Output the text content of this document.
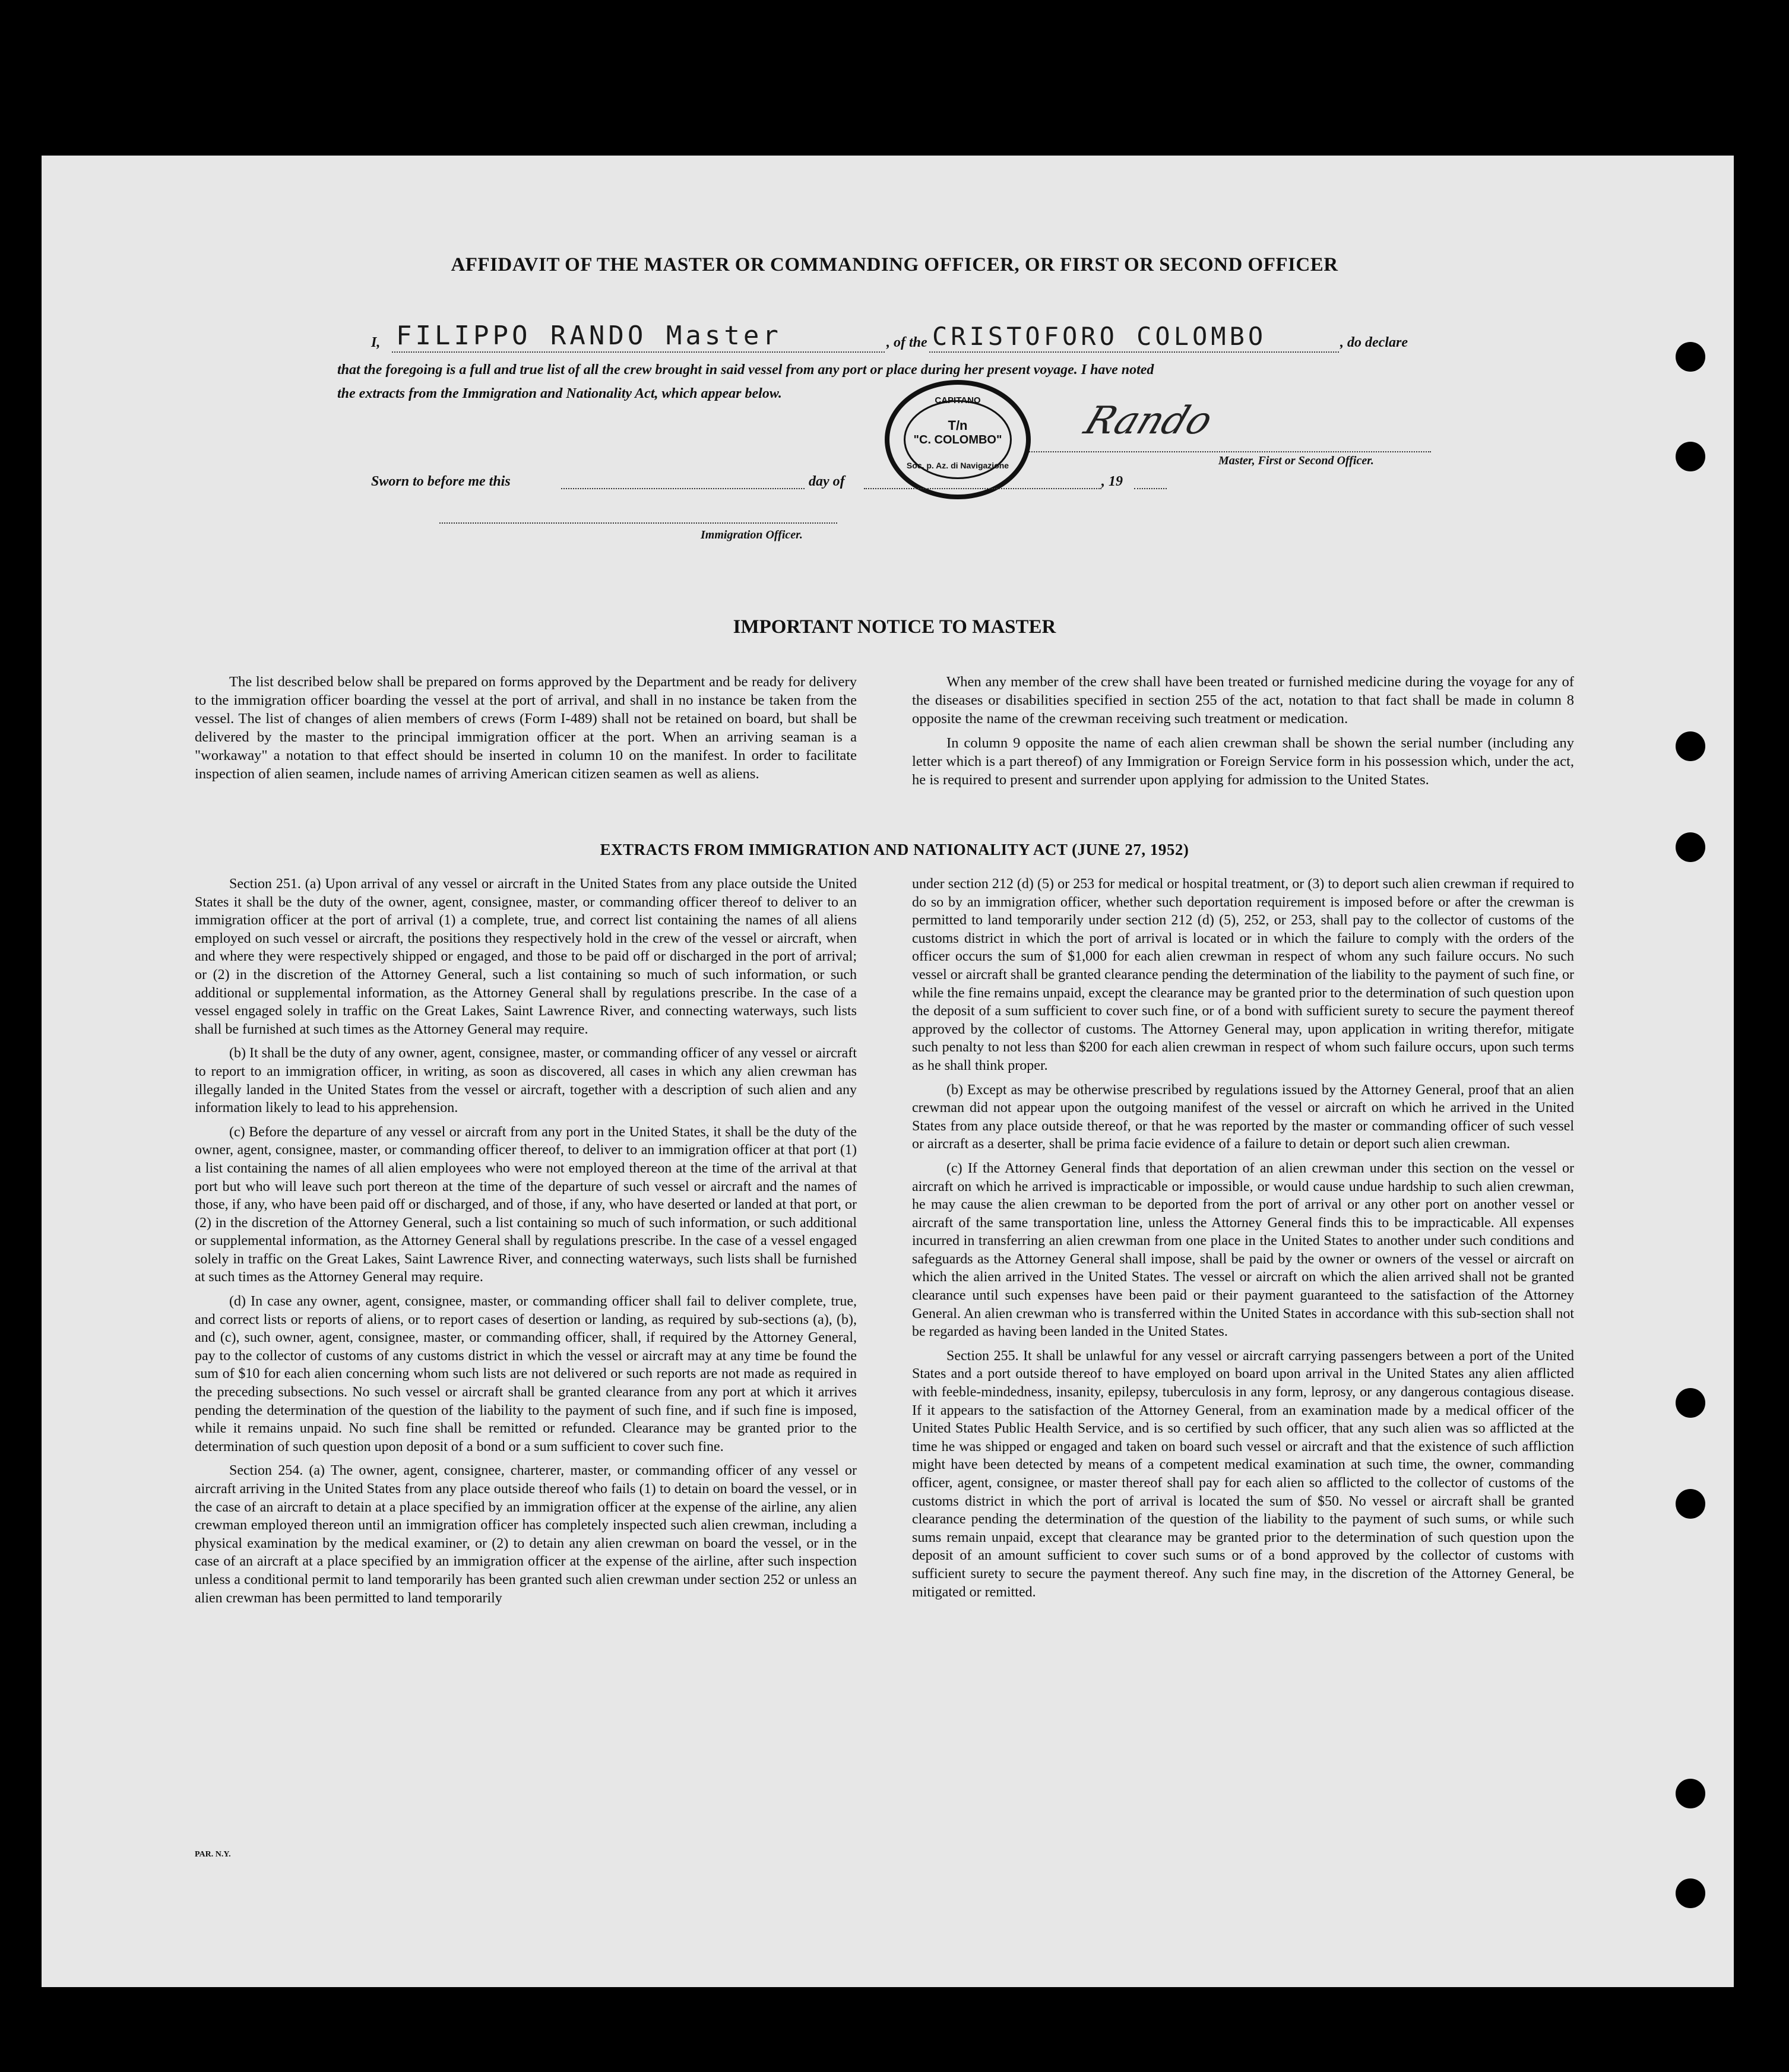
AFFIDAVIT OF THE MASTER OR COMMANDING OFFICER, OR FIRST OR SECOND OFFICER
I, FILIPPO RANDO Master	, of the CRISTOFORO COLOMBO	, do declare
that the foregoing is a full and true list of all the crew brought in said vessel from any port or place during her present voyage. I have noted
the extracts from the Immigration and Nationality Act, which appear below.
Rando
Master, First or Second Officer.
CAPITANO
T/n
"C. COLOMBO"
Soc. p. Az. di Navigazione
Sworn to before me this	day of	, 19
Immigration Officer.
IMPORTANT NOTICE TO MASTER

The list described below shall be prepared on forms approved by the Department and be ready for delivery to the immigration officer boarding the vessel at the port of arrival, and shall in no instance be taken from the vessel. The list of changes of alien members of crews (Form I-489) shall not be retained on board, but shall be delivered by the master to the principal immigration officer at the port. When an arriving seaman is a "workaway" a notation to that effect should be inserted in column 10 on the manifest. In order to facilitate inspection of alien seamen, include names of arriving American citizen seamen as well as aliens.

When any member of the crew shall have been treated or furnished medicine during the voyage for any of the diseases or disabilities specified in section 255 of the act, notation to that fact shall be made in column 8 opposite the name of the crewman receiving such treatment or medication.

In column 9 opposite the name of each alien crewman shall be shown the serial number (including any letter which is a part thereof) of any Immigration or Foreign Service form in his possession which, under the act, he is required to present and surrender upon applying for admission to the United States.

EXTRACTS FROM IMMIGRATION AND NATIONALITY ACT (JUNE 27, 1952)

Section 251. (a) Upon arrival of any vessel or aircraft in the United States from any place outside the United States it shall be the duty of the owner, agent, consignee, master, or commanding officer thereof to deliver to an immigration officer at the port of arrival (1) a complete, true, and correct list containing the names of all aliens employed on such vessel or aircraft, the positions they respectively hold in the crew of the vessel or aircraft, when and where they were respectively shipped or engaged, and those to be paid off or discharged in the port of arrival; or (2) in the discretion of the Attorney General, such a list containing so much of such information, or such additional or supplemental information, as the Attorney General shall by regulations prescribe. In the case of a vessel engaged solely in traffic on the Great Lakes, Saint Lawrence River, and connecting waterways, such lists shall be furnished at such times as the Attorney General may require.

(b) It shall be the duty of any owner, agent, consignee, master, or commanding officer of any vessel or aircraft to report to an immigration officer, in writing, as soon as discovered, all cases in which any alien crewman has illegally landed in the United States from the vessel or aircraft, together with a description of such alien and any information likely to lead to his apprehension.

(c) Before the departure of any vessel or aircraft from any port in the United States, it shall be the duty of the owner, agent, consignee, master, or commanding officer thereof, to deliver to an immigration officer at that port (1) a list containing the names of all alien employees who were not employed thereon at the time of the arrival at that port but who will leave such port thereon at the time of the departure of such vessel or aircraft and the names of those, if any, who have been paid off or discharged, and of those, if any, who have deserted or landed at that port, or (2) in the discretion of the Attorney General, such a list containing so much of such information, or such additional or supplemental information, as the Attorney General shall by regulations prescribe. In the case of a vessel engaged solely in traffic on the Great Lakes, Saint Lawrence River, and connecting waterways, such lists shall be furnished at such times as the Attorney General may require.

(d) In case any owner, agent, consignee, master, or commanding officer shall fail to deliver complete, true, and correct lists or reports of aliens, or to report cases of desertion or landing, as required by sub-sections (a), (b), and (c), such owner, agent, consignee, master, or commanding officer, shall, if required by the Attorney General, pay to the collector of customs of any customs district in which the vessel or aircraft may at any time be found the sum of $10 for each alien concerning whom such lists are not delivered or such reports are not made as required in the preceding subsections. No such vessel or aircraft shall be granted clearance from any port at which it arrives pending the determination of the question of the liability to the payment of such fine, and if such fine is imposed, while it remains unpaid. No such fine shall be remitted or refunded. Clearance may be granted prior to the determination of such question upon deposit of a bond or a sum sufficient to cover such fine.

Section 254. (a) The owner, agent, consignee, charterer, master, or commanding officer of any vessel or aircraft arriving in the United States from any place outside thereof who fails (1) to detain on board the vessel, or in the case of an aircraft to detain at a place specified by an immigration officer at the expense of the airline, any alien crewman employed thereon until an immigration officer has completely inspected such alien crewman, including a physical examination by the medical examiner, or (2) to detain any alien crewman on board the vessel, or in the case of an aircraft at a place specified by an immigration officer at the expense of the airline, after such inspection unless a conditional permit to land temporarily has been granted such alien crewman under section 252 or unless an alien crewman has been permitted to land temporarily

under section 212 (d) (5) or 253 for medical or hospital treatment, or (3) to deport such alien crewman if required to do so by an immigration officer, whether such deportation requirement is imposed before or after the crewman is permitted to land temporarily under section 212 (d) (5), 252, or 253, shall pay to the collector of customs of the customs district in which the port of arrival is located or in which the failure to comply with the orders of the officer occurs the sum of $1,000 for each alien crewman in respect of whom any such failure occurs. No such vessel or aircraft shall be granted clearance pending the determination of the liability to the payment of such fine, or while the fine remains unpaid, except the clearance may be granted prior to the determination of such question upon the deposit of a sum sufficient to cover such fine, or of a bond with sufficient surety to secure the payment thereof approved by the collector of customs. The Attorney General may, upon application in writing therefor, mitigate such penalty to not less than $200 for each alien crewman in respect of whom such failure occurs, upon such terms as he shall think proper.

(b) Except as may be otherwise prescribed by regulations issued by the Attorney General, proof that an alien crewman did not appear upon the outgoing manifest of the vessel or aircraft on which he arrived in the United States from any place outside thereof, or that he was reported by the master or commanding officer of such vessel or aircraft as a deserter, shall be prima facie evidence of a failure to detain or deport such alien crewman.

(c) If the Attorney General finds that deportation of an alien crewman under this section on the vessel or aircraft on which he arrived is impracticable or impossible, or would cause undue hardship to such alien crewman, he may cause the alien crewman to be deported from the port of arrival or any other port on another vessel or aircraft of the same transportation line, unless the Attorney General finds this to be impracticable. All expenses incurred in transferring an alien crewman from one place in the United States to another under such conditions and safeguards as the Attorney General shall impose, shall be paid by the owner or owners of the vessel or aircraft on which the alien arrived in the United States. The vessel or aircraft on which the alien arrived shall not be granted clearance until such expenses have been paid or their payment guaranteed to the satisfaction of the Attorney General. An alien crewman who is transferred within the United States in accordance with this sub-section shall not be regarded as having been landed in the United States.

Section 255. It shall be unlawful for any vessel or aircraft carrying passengers between a port of the United States and a port outside thereof to have employed on board upon arrival in the United States any alien afflicted with feeble-mindedness, insanity, epilepsy, tuberculosis in any form, leprosy, or any dangerous contagious disease. If it appears to the satisfaction of the Attorney General, from an examination made by a medical officer of the United States Public Health Service, and is so certified by such officer, that any such alien was so afflicted at the time he was shipped or engaged and taken on board such vessel or aircraft and that the existence of such affliction might have been detected by means of a competent medical examination at such time, the owner, commanding officer, agent, consignee, or master thereof shall pay for each alien so afflicted to the collector of customs of the customs district in which the port of arrival is located the sum of $50. No vessel or aircraft shall be granted clearance pending the determination of the question of the liability to the payment of such sums, or while such sums remain unpaid, except that clearance may be granted prior to the determination of such question upon the deposit of an amount sufficient to cover such sums or of a bond approved by the collector of customs with sufficient surety to secure the payment thereof. Any such fine may, in the discretion of the Attorney General, be mitigated or remitted.

PAR. N.Y.
